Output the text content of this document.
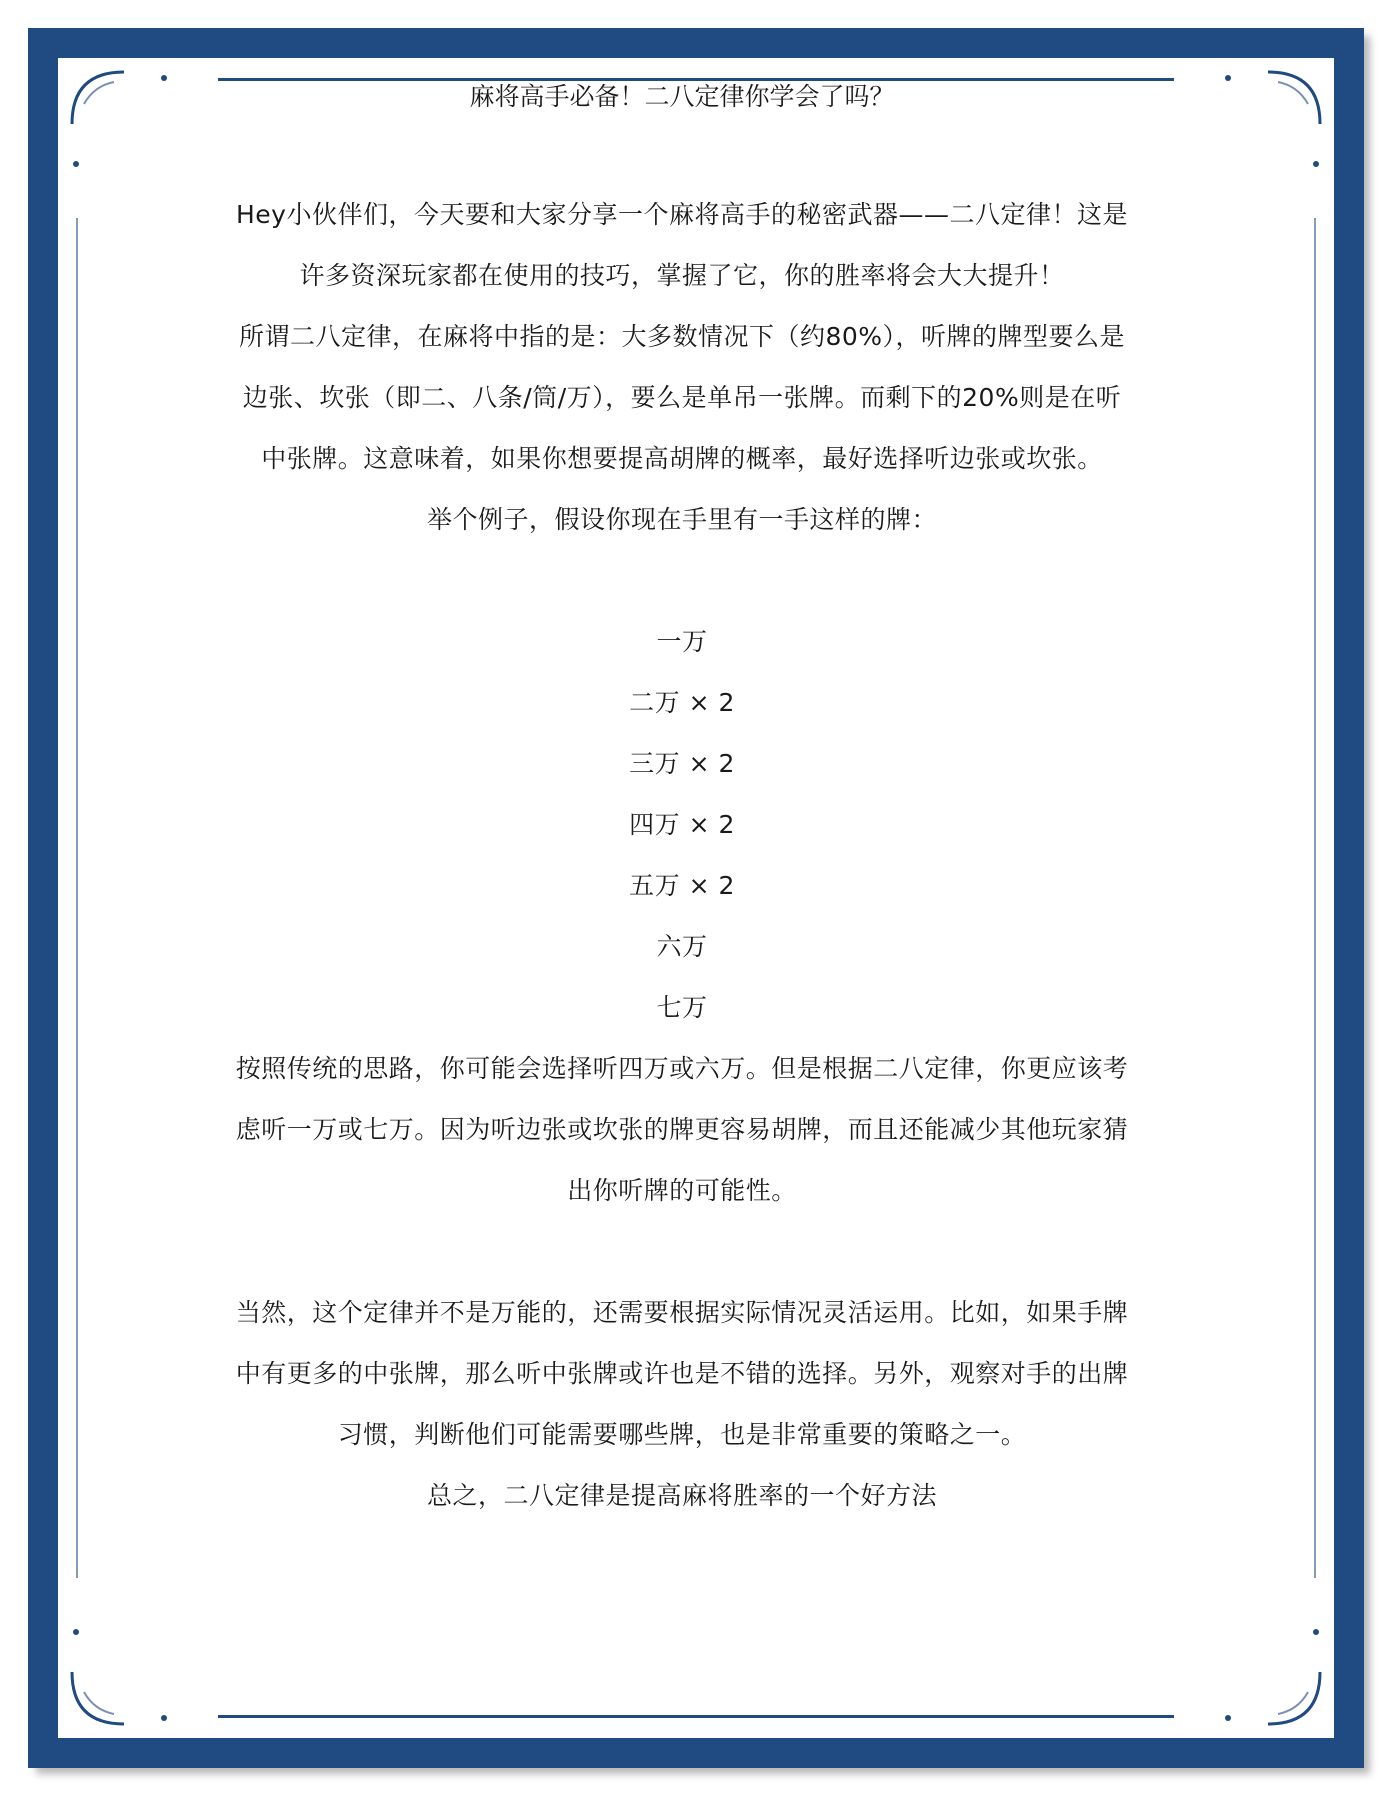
麻将高手必备！二八定律你学会了吗？

Hey小伙伴们，今天要和大家分享一个麻将高手的秘密武器——二八定律！这是许多资深玩家都在使用的技巧，掌握了它，你的胜率将会大大提升！

所谓二八定律，在麻将中指的是：大多数情况下（约80%），听牌的牌型要么是边张、坎张（即二、八条/筒/万），要么是单吊一张牌。而剩下的20%则是在听中张牌。这意味着，如果你想要提高胡牌的概率，最好选择听边张或坎张。

举个例子，假设你现在手里有一手这样的牌：

一万

二万 × 2

三万 × 2

四万 × 2

五万 × 2

六万

七万

按照传统的思路，你可能会选择听四万或六万。但是根据二八定律，你更应该考虑听一万或七万。因为听边张或坎张的牌更容易胡牌，而且还能减少其他玩家猜出你听牌的可能性。

当然，这个定律并不是万能的，还需要根据实际情况灵活运用。比如，如果手牌中有更多的中张牌，那么听中张牌或许也是不错的选择。另外，观察对手的出牌习惯，判断他们可能需要哪些牌，也是非常重要的策略之一。

总之，二八定律是提高麻将胜率的一个好方法
